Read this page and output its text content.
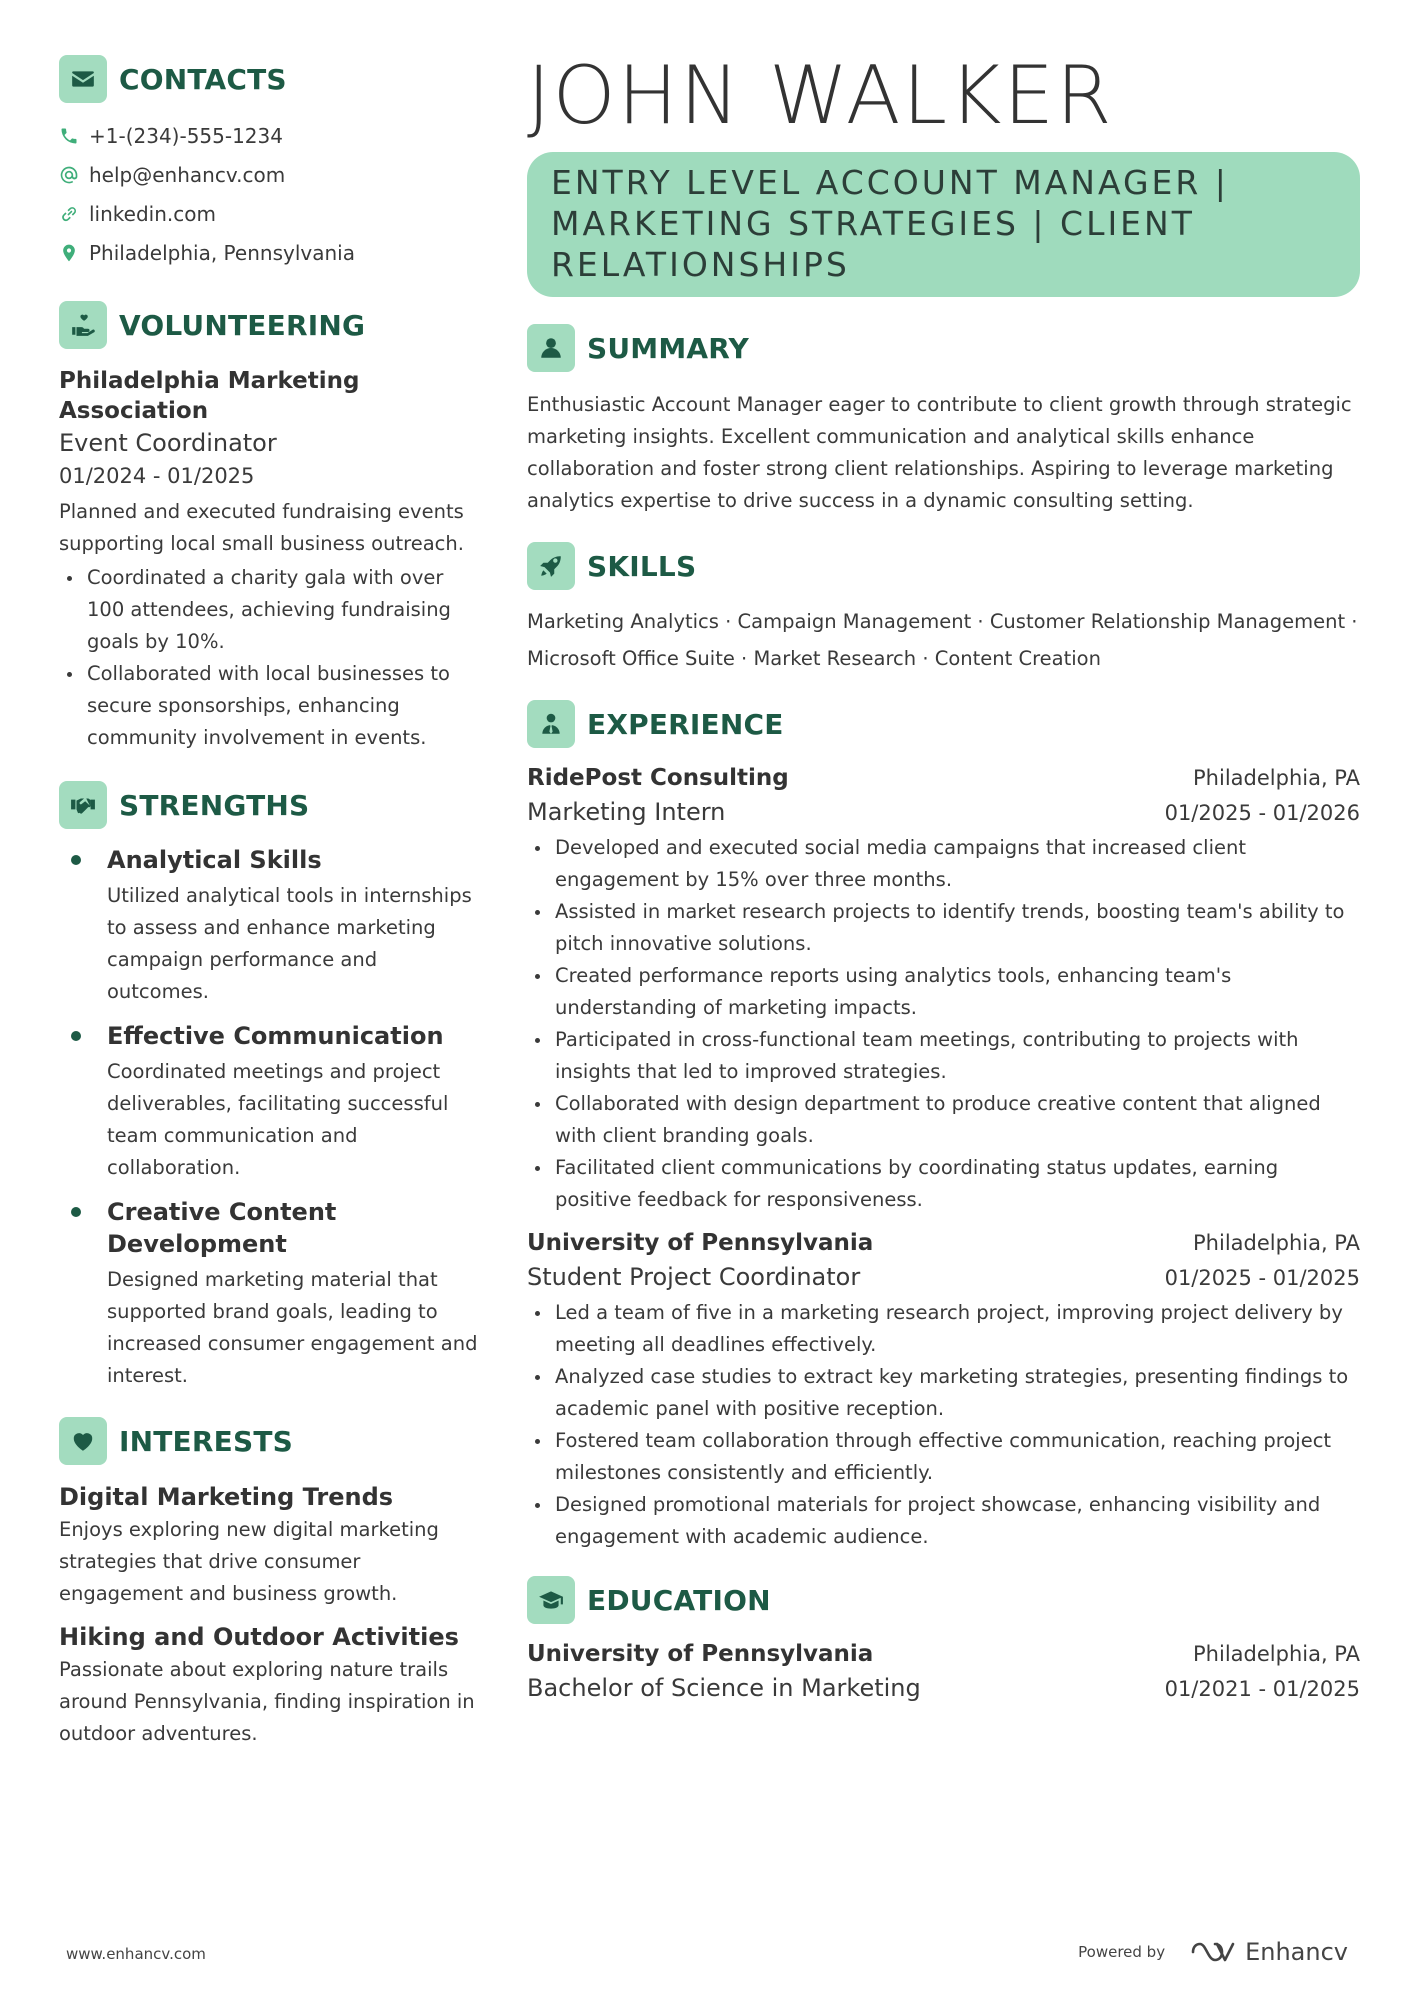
CONTACTS
+1-(234)-555-1234
help@enhancv.com
linkedin.com
Philadelphia, Pennsylvania
VOLUNTEERING
Philadelphia Marketing Association
Event Coordinator
01/2024 - 01/2025
Planned and executed fundraising events supporting local small business outreach.
Coordinated a charity gala with over 100 attendees, achieving fundraising goals by 10%.
Collaborated with local businesses to secure sponsorships, enhancing community involvement in events.
STRENGTHS
Analytical Skills
Utilized analytical tools in internships to assess and enhance marketing campaign performance and outcomes.
Effective Communication
Coordinated meetings and project deliverables, facilitating successful team communication and collaboration.
Creative Content Development
Designed marketing material that supported brand goals, leading to increased consumer engagement and interest.
INTERESTS
Digital Marketing Trends
Enjoys exploring new digital marketing strategies that drive consumer engagement and business growth.
Hiking and Outdoor Activities
Passionate about exploring nature trails around Pennsylvania, finding inspiration in outdoor adventures.
JOHN WALKER
ENTRY LEVEL ACCOUNT MANAGER | MARKETING STRATEGIES | CLIENT RELATIONSHIPS
SUMMARY
Enthusiastic Account Manager eager to contribute to client growth through strategic marketing insights. Excellent communication and analytical skills enhance collaboration and foster strong client relationships. Aspiring to leverage marketing analytics expertise to drive success in a dynamic consulting setting.
SKILLS
Marketing Analytics · Campaign Management · Customer Relationship Management ·
Microsoft Office Suite · Market Research · Content Creation
EXPERIENCE
RidePost Consulting	Philadelphia, PA
Marketing Intern	01/2025 - 01/2026
Developed and executed social media campaigns that increased client engagement by 15% over three months.
Assisted in market research projects to identify trends, boosting team's ability to pitch innovative solutions.
Created performance reports using analytics tools, enhancing team's understanding of marketing impacts.
Participated in cross-functional team meetings, contributing to projects with insights that led to improved strategies.
Collaborated with design department to produce creative content that aligned with client branding goals.
Facilitated client communications by coordinating status updates, earning positive feedback for responsiveness.
University of Pennsylvania	Philadelphia, PA
Student Project Coordinator	01/2025 - 01/2025
Led a team of five in a marketing research project, improving project delivery by meeting all deadlines effectively.
Analyzed case studies to extract key marketing strategies, presenting findings to academic panel with positive reception.
Fostered team collaboration through effective communication, reaching project milestones consistently and efficiently.
Designed promotional materials for project showcase, enhancing visibility and engagement with academic audience.
EDUCATION
University of Pennsylvania	Philadelphia, PA
Bachelor of Science in Marketing	01/2021 - 01/2025
www.enhancv.com	Powered by	Enhancv
